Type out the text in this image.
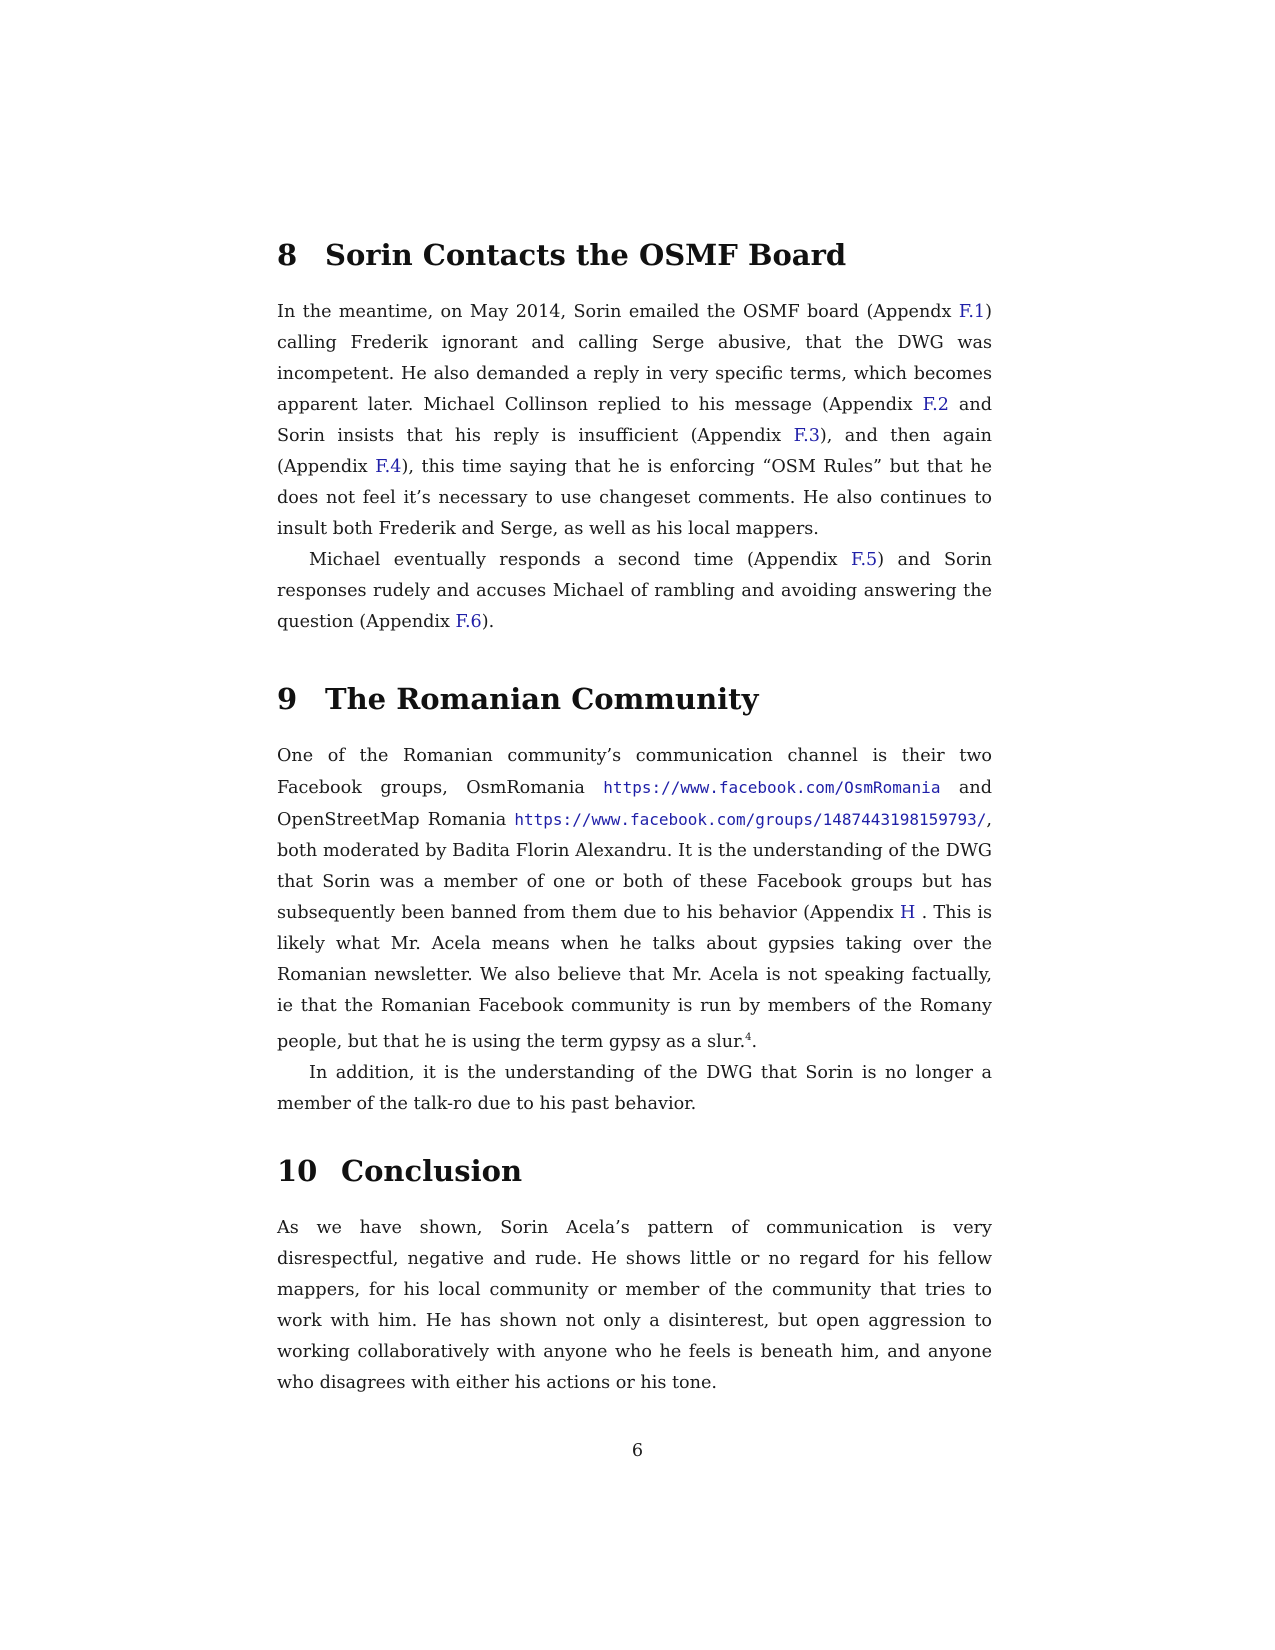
8 Sorin Contacts the OSMF Board

In the meantime, on May 2014, Sorin emailed the OSMF board (Appendx F.1) calling Frederik ignorant and calling Serge abusive, that the DWG was incompetent. He also demanded a reply in very specific terms, which becomes apparent later. Michael Collinson replied to his message (Appendix F.2 and Sorin insists that his reply is insufficient (Appendix F.3), and then again (Appendix F.4), this time saying that he is enforcing “OSM Rules” but that he does not feel it’s necessary to use changeset comments. He also continues to insult both Frederik and Serge, as well as his local mappers.

Michael eventually responds a second time (Appendix F.5) and Sorin responses rudely and accuses Michael of rambling and avoiding answering the question (Appendix F.6).

9 The Romanian Community

One of the Romanian community’s communication channel is their two Facebook groups, OsmRomania https://www.facebook.com/OsmRomania and OpenStreetMap Romania https://www.facebook.com/groups/1487443198159793/, both moderated by Badita Florin Alexandru. It is the understanding of the DWG that Sorin was a member of one or both of these Facebook groups but has subsequently been banned from them due to his behavior (Appendix H . This is likely what Mr. Acela means when he talks about gypsies taking over the Romanian newsletter. We also believe that Mr. Acela is not speaking factually, ie that the Romanian Facebook community is run by members of the Romany people, but that he is using the term gypsy as a slur.$^4$.

In addition, it is the understanding of the DWG that Sorin is no longer a member of the talk-ro due to his past behavior.

10 Conclusion

As we have shown, Sorin Acela’s pattern of communication is very disrespectful, negative and rude. He shows little or no regard for his fellow mappers, for his local community or member of the community that tries to work with him. He has shown not only a disinterest, but open aggression to working collaboratively with anyone who he feels is beneath him, and anyone who disagrees with either his actions or his tone.

6
